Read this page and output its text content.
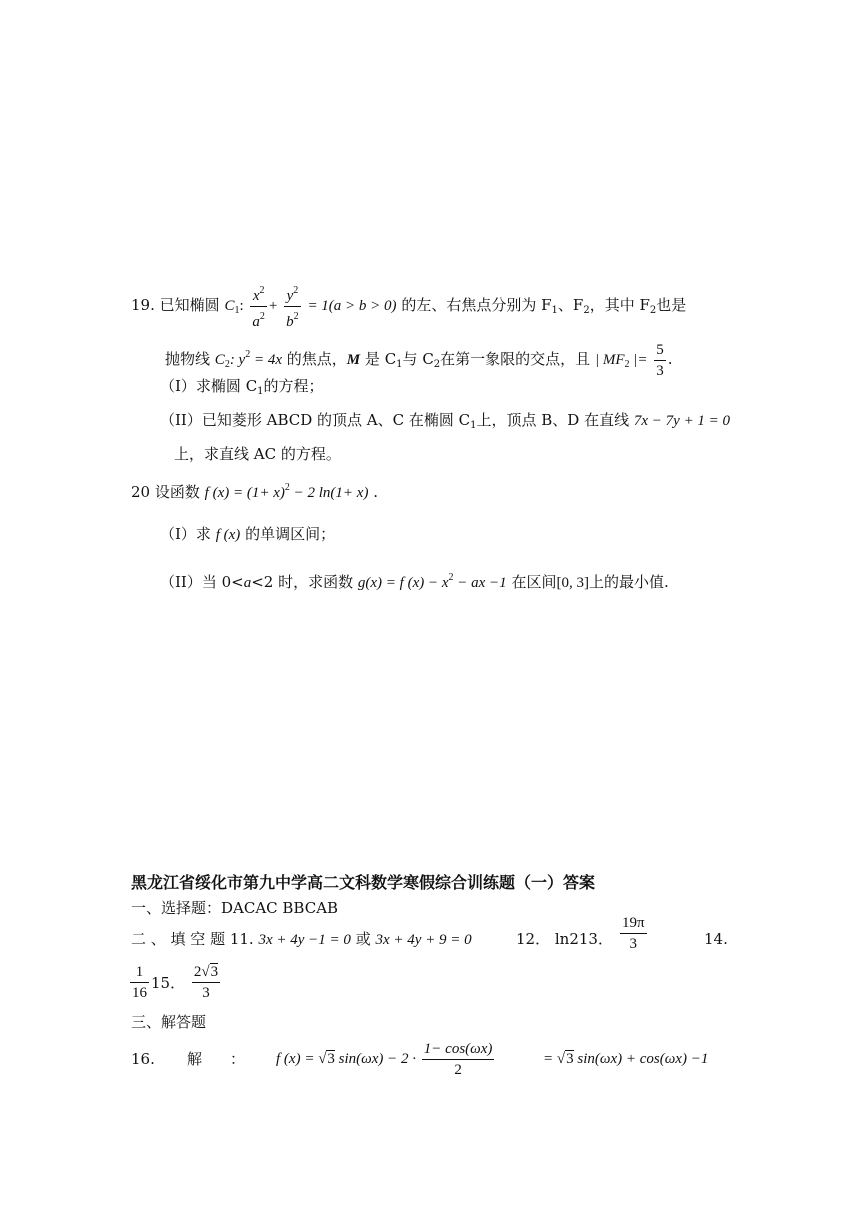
19. 已知椭圆 $C_1$: $\frac{x^2}{a^2} + \frac{y^2}{b^2} = 1(a > b > 0)$ 的左、右焦点分别为 $F_1$、$F_2$，其中 $F_2$也是
抛物线 $C_2$: $y^2 = 4x$ 的焦点，M 是 $C_1$与 $C_2$在第一象限的交点，且 | $MF_2$ |= $\frac{5}{3}$ .
（I）求椭圆 $C_1$的方程；
（II）已知菱形 ABCD 的顶点 A、C 在椭圆 $C_1$上，顶点 B、D 在直线 7x − 7y + 1 = 0
上，求直线 AC 的方程。
20 设函数 f $(x) = (1+ x)^2 - 2$ ln(1+ x) .
（I）求 f (x) 的单调区间；
（II）当 0<a<2 时，求函数 g(x) = f $(x) - x^2$ − ax −1 在区间[0, 3]上的最小值.
黑龙江省绥化市第九中学高二文科数学寒假综合训练题（一）答案
一、选择题：DACAC BBCAB
二 、 填 空 题 11. 3x + 4y −1 = 0 或 3x + 4y + 9 = 0	12． ln213． $\frac{19\pi}{3}$	14.
$\frac{1}{16} 15$． $\frac{2√3}{3}$
三、解答题
16. 解 ： f (x) = √3 $\sin(\omega x) - 2 \cdot \frac{1- \cos(\omega x)}{2}$	= √3 sin(ωx) + cos(ωx) −1
